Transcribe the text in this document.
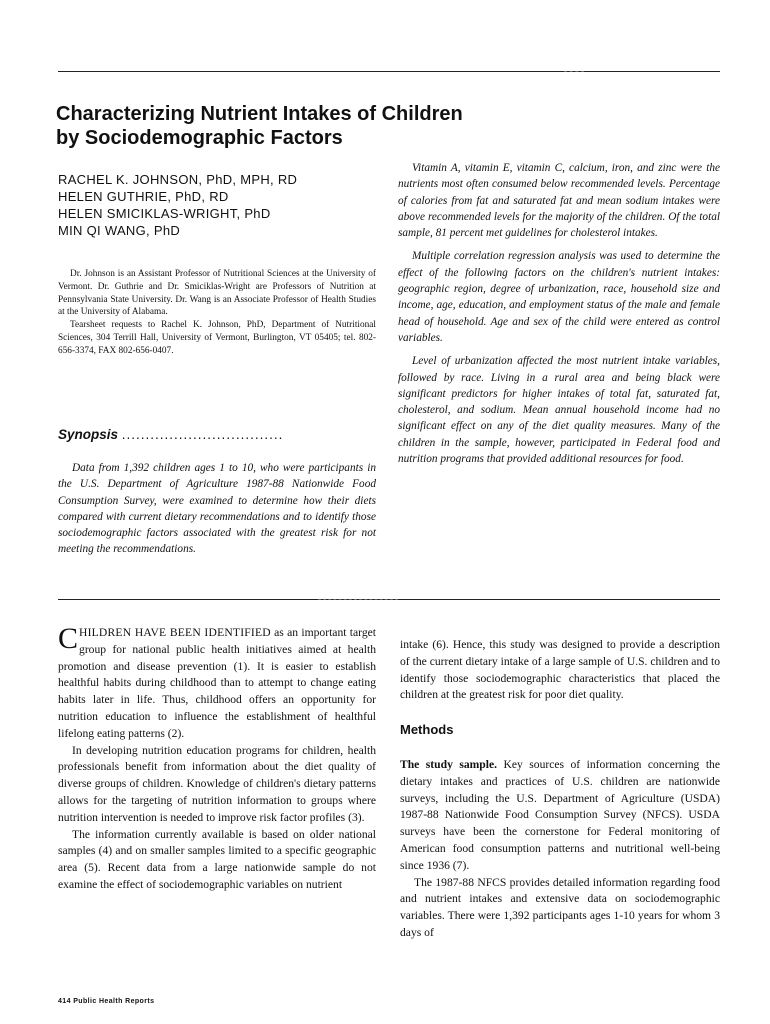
Characterizing Nutrient Intakes of Children by Sociodemographic Factors
RACHEL K. JOHNSON, PhD, MPH, RD
HELEN GUTHRIE, PhD, RD
HELEN SMICIKLAS-WRIGHT, PhD
MIN QI WANG, PhD

Dr. Johnson is an Assistant Professor of Nutritional Sciences at the University of Vermont. Dr. Guthrie and Dr. Smiciklas-Wright are Professors of Nutrition at Pennsylvania State University. Dr. Wang is an Associate Professor of Health Studies at the University of Alabama.

Tearsheet requests to Rachel K. Johnson, PhD, Department of Nutritional Sciences, 304 Terrill Hall, University of Vermont, Burlington, VT 05405; tel. 802-656-3374, FAX 802-656-0407.

Synopsis ..................................

Data from 1,392 children ages 1 to 10, who were participants in the U.S. Department of Agriculture 1987-88 Nationwide Food Consumption Survey, were examined to determine how their diets compared with current dietary recommendations and to identify those sociodemographic factors associated with the greatest risk for not meeting the recommendations.

Vitamin A, vitamin E, vitamin C, calcium, iron, and zinc were the nutrients most often consumed below recommended levels. Percentage of calories from fat and saturated fat and mean sodium intakes were above recommended levels for the majority of the children. Of the total sample, 81 percent met guidelines for cholesterol intakes.

Multiple correlation regression analysis was used to determine the effect of the following factors on the children's nutrient intakes: geographic region, degree of urbanization, race, household size and income, age, education, and employment status of the male and female head of household. Age and sex of the child were entered as control variables.

Level of urbanization affected the most nutrient intake variables, followed by race. Living in a rural area and being black were significant predictors for higher intakes of total fat, saturated fat, cholesterol, and sodium. Mean annual household income had no significant effect on any of the diet quality measures. Many of the children in the sample, however, participated in Federal food and nutrition programs that provided additional resources for food.

CHILDREN HAVE BEEN IDENTIFIED as an important target group for national public health initiatives aimed at health promotion and disease prevention (1). It is easier to establish healthful habits during childhood than to attempt to change eating habits later in life. Thus, childhood offers an opportunity for nutrition education to influence the establishment of healthful lifelong eating patterns (2).

In developing nutrition education programs for children, health professionals benefit from information about the diet quality of diverse groups of children. Knowledge of children's dietary patterns allows for the targeting of nutrition information to groups where nutrition intervention is needed to improve risk factor profiles (3).

The information currently available is based on older national samples (4) and on smaller samples limited to a specific geographic area (5). Recent data from a large nationwide sample do not examine the effect of sociodemographic variables on nutrient

intake (6). Hence, this study was designed to provide a description of the current dietary intake of a large sample of U.S. children and to identify those sociodemographic characteristics that placed the children at the greatest risk for poor diet quality.

Methods

The study sample. Key sources of information concerning the dietary intakes and practices of U.S. children are nationwide surveys, including the U.S. Department of Agriculture (USDA) 1987-88 Nationwide Food Consumption Survey (NFCS). USDA surveys have been the cornerstone for Federal monitoring of American food consumption patterns and nutritional well-being since 1936 (7).

The 1987-88 NFCS provides detailed information regarding food and nutrient intakes and extensive data on sociodemographic variables. There were 1,392 participants ages 1-10 years for whom 3 days of

414 Public Health Reports
